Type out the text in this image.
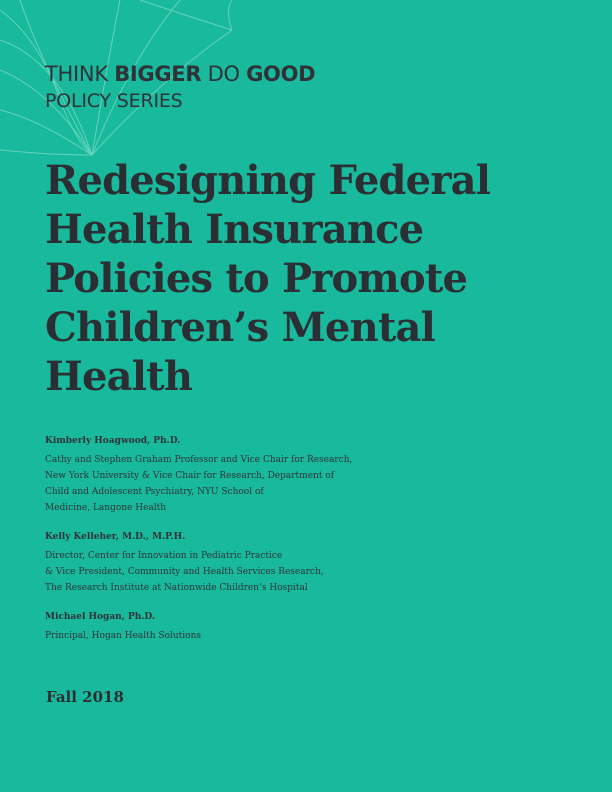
THINK BIGGER DO GOOD
POLICY SERIES
Redesigning Federal
Health Insurance
Policies to Promote
Children’s Mental
Health
Kimberly Hoagwood, Ph.D.
Cathy and Stephen Graham Professor and Vice Chair for Research,
New York University & Vice Chair for Research, Department of
Child and Adolescent Psychiatry, NYU School of
Medicine, Langone Health
Kelly Kelleher, M.D., M.P.H.
Director, Center for Innovation in Pediatric Practice
& Vice President, Community and Health Services Research,
The Research Institute at Nationwide Children’s Hospital
Michael Hogan, Ph.D.
Principal, Hogan Health Solutions
Fall 2018
